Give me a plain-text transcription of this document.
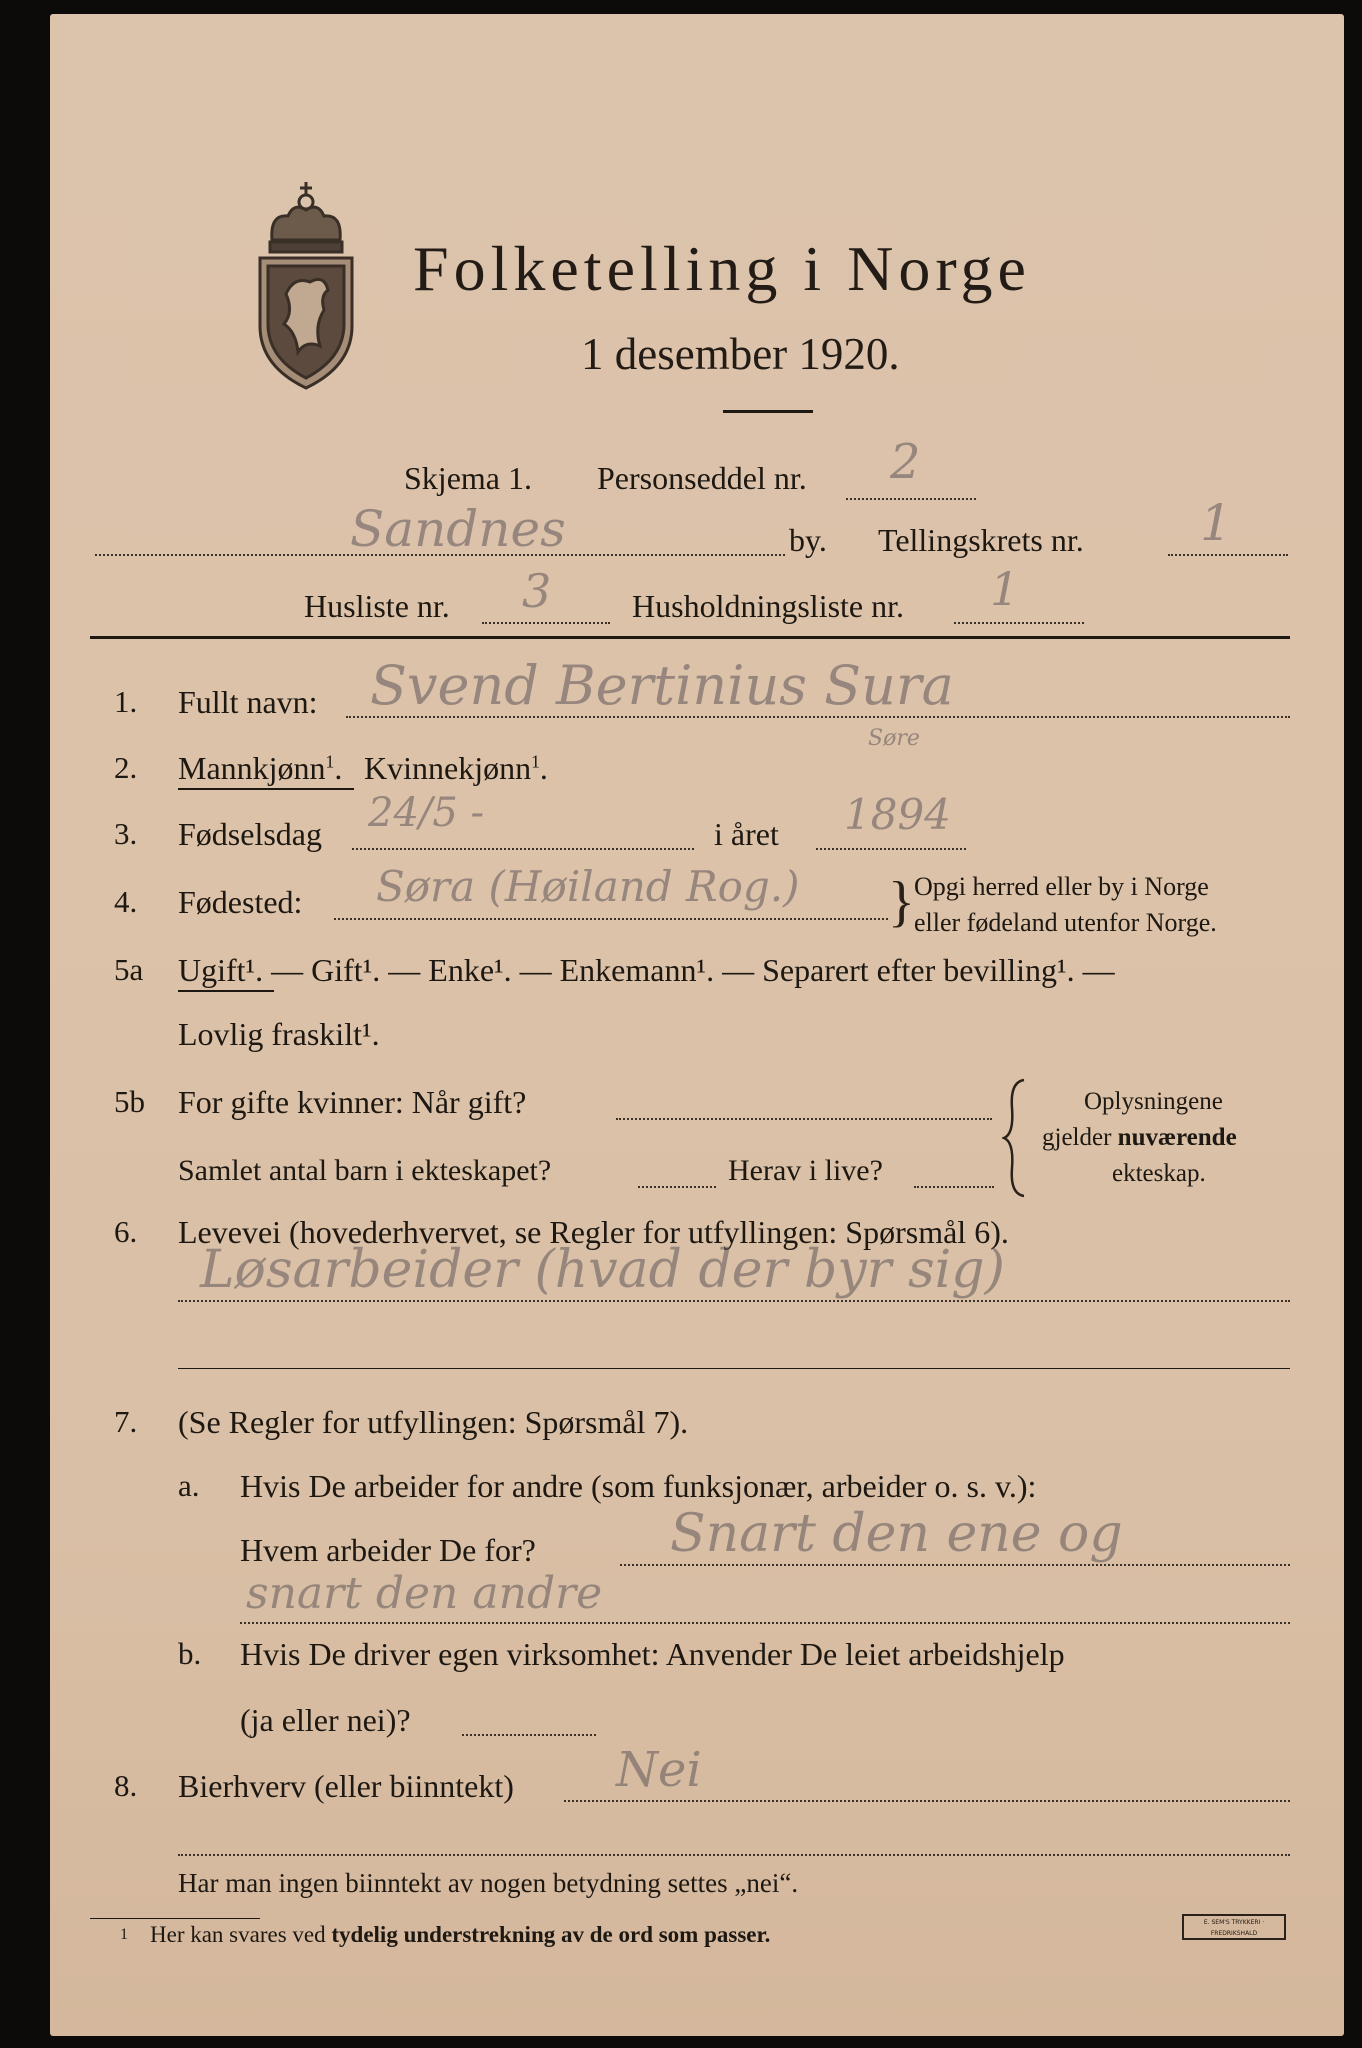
Folketelling i Norge
1 desember 1920.
Skjema 1. Personseddel nr. 2
Sandnes	by. Tellingskrets nr. 1
Husliste nr. 3	Husholdningsliste nr. 1
1. Fullt navn: Svend Bertinius Sura
Søre
2. Mannkjønn$^1$. Kvinnekjønn$^1$.
3. Fødselsdag 24/5 -	i året 1894
4. Fødested: Søra (Høiland Rog.) } Opgi herred eller by i Norge
eller fødeland utenfor Norge.
5a Ugift¹. — Gift¹. — Enke¹. — Enkemann¹. — Separert efter bevilling¹. —
Lovlig fraskilt¹.
5b For gifte kvinner: Når gift?
Samlet antal barn i ekteskapet?	Herav i live?
Oplysningene
gjelder nuværende
ekteskap.
6. Levevei (hovederhvervet, se Regler for utfyllingen: Spørsmål 6).
Løsarbeider (hvad der byr sig)
7. (Se Regler for utfyllingen: Spørsmål 7).
a. Hvis De arbeider for andre (som funksjonær, arbeider o. s. v.):
Hvem arbeider De for?	Snart den ene og
snart den andre
b. Hvis De driver egen virksomhet: Anvender De leiet arbeidshjelp
(ja eller nei)?
8. Bierhverv (eller biinntekt) Nei
Har man ingen biinntekt av nogen betydning settes „nei“.
1 Her kan svares ved tydelig understrekning av de ord som passer.	E. SEM'S TRYKKERI · FREDRIKSHALD
